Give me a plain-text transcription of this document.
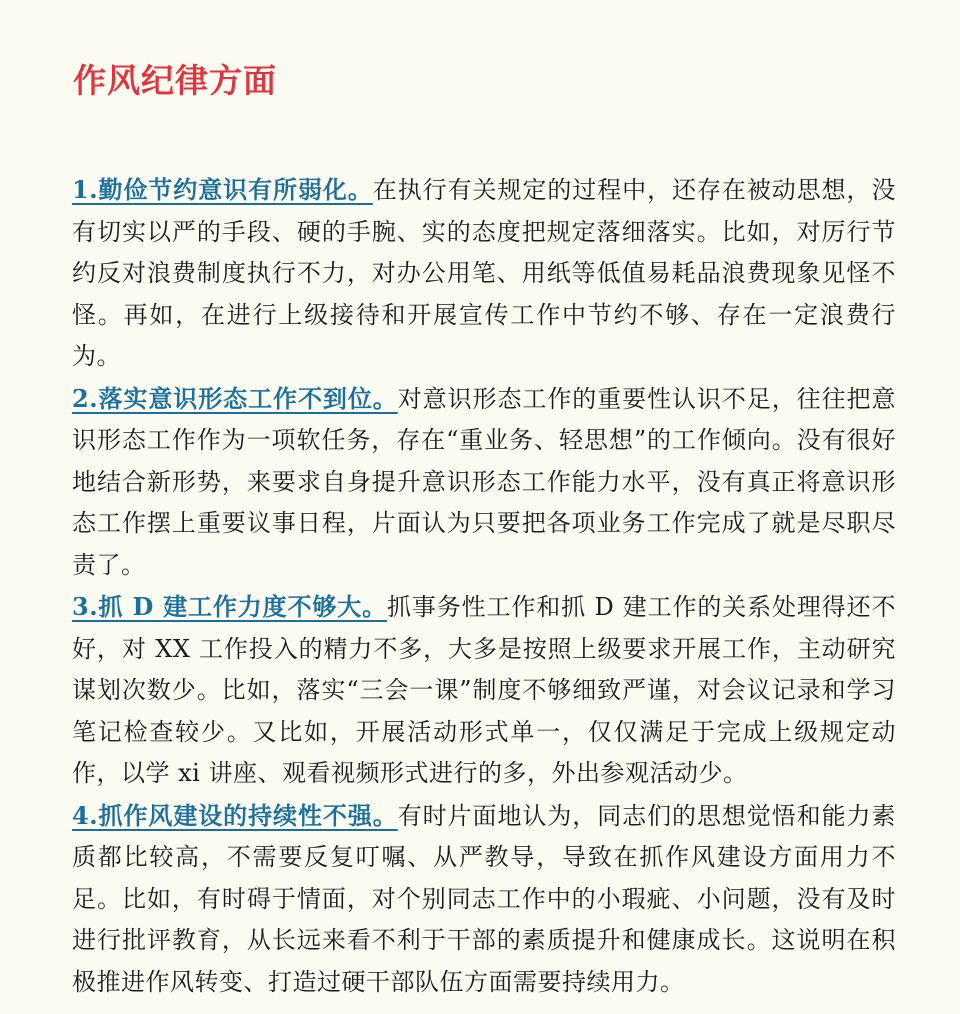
作风纪律方面

1.勤俭节约意识有所弱化。在执行有关规定的过程中，还存在被动思想，没有切实以严的手段、硬的手腕、实的态度把规定落细落实。比如，对厉行节约反对浪费制度执行不力，对办公用笔、用纸等低值易耗品浪费现象见怪不怪。再如，在进行上级接待和开展宣传工作中节约不够、存在一定浪费行为。

2.落实意识形态工作不到位。对意识形态工作的重要性认识不足，往往把意识形态工作作为一项软任务，存在“重业务、轻思想”的工作倾向。没有很好地结合新形势，来要求自身提升意识形态工作能力水平，没有真正将意识形态工作摆上重要议事日程，片面认为只要把各项业务工作完成了就是尽职尽责了。

3.抓 D 建工作力度不够大。抓事务性工作和抓 D 建工作的关系处理得还不好，对 XX 工作投入的精力不多，大多是按照上级要求开展工作，主动研究谋划次数少。比如，落实“三会一课”制度不够细致严谨，对会议记录和学习笔记检查较少。又比如，开展活动形式单一，仅仅满足于完成上级规定动作，以学 xi 讲座、观看视频形式进行的多，外出参观活动少。

4.抓作风建设的持续性不强。有时片面地认为，同志们的思想觉悟和能力素质都比较高，不需要反复叮嘱、从严教导，导致在抓作风建设方面用力不足。比如，有时碍于情面，对个别同志工作中的小瑕疵、小问题，没有及时进行批评教育，从长远来看不利于干部的素质提升和健康成长。这说明在积极推进作风转变、打造过硬干部队伍方面需要持续用力。
